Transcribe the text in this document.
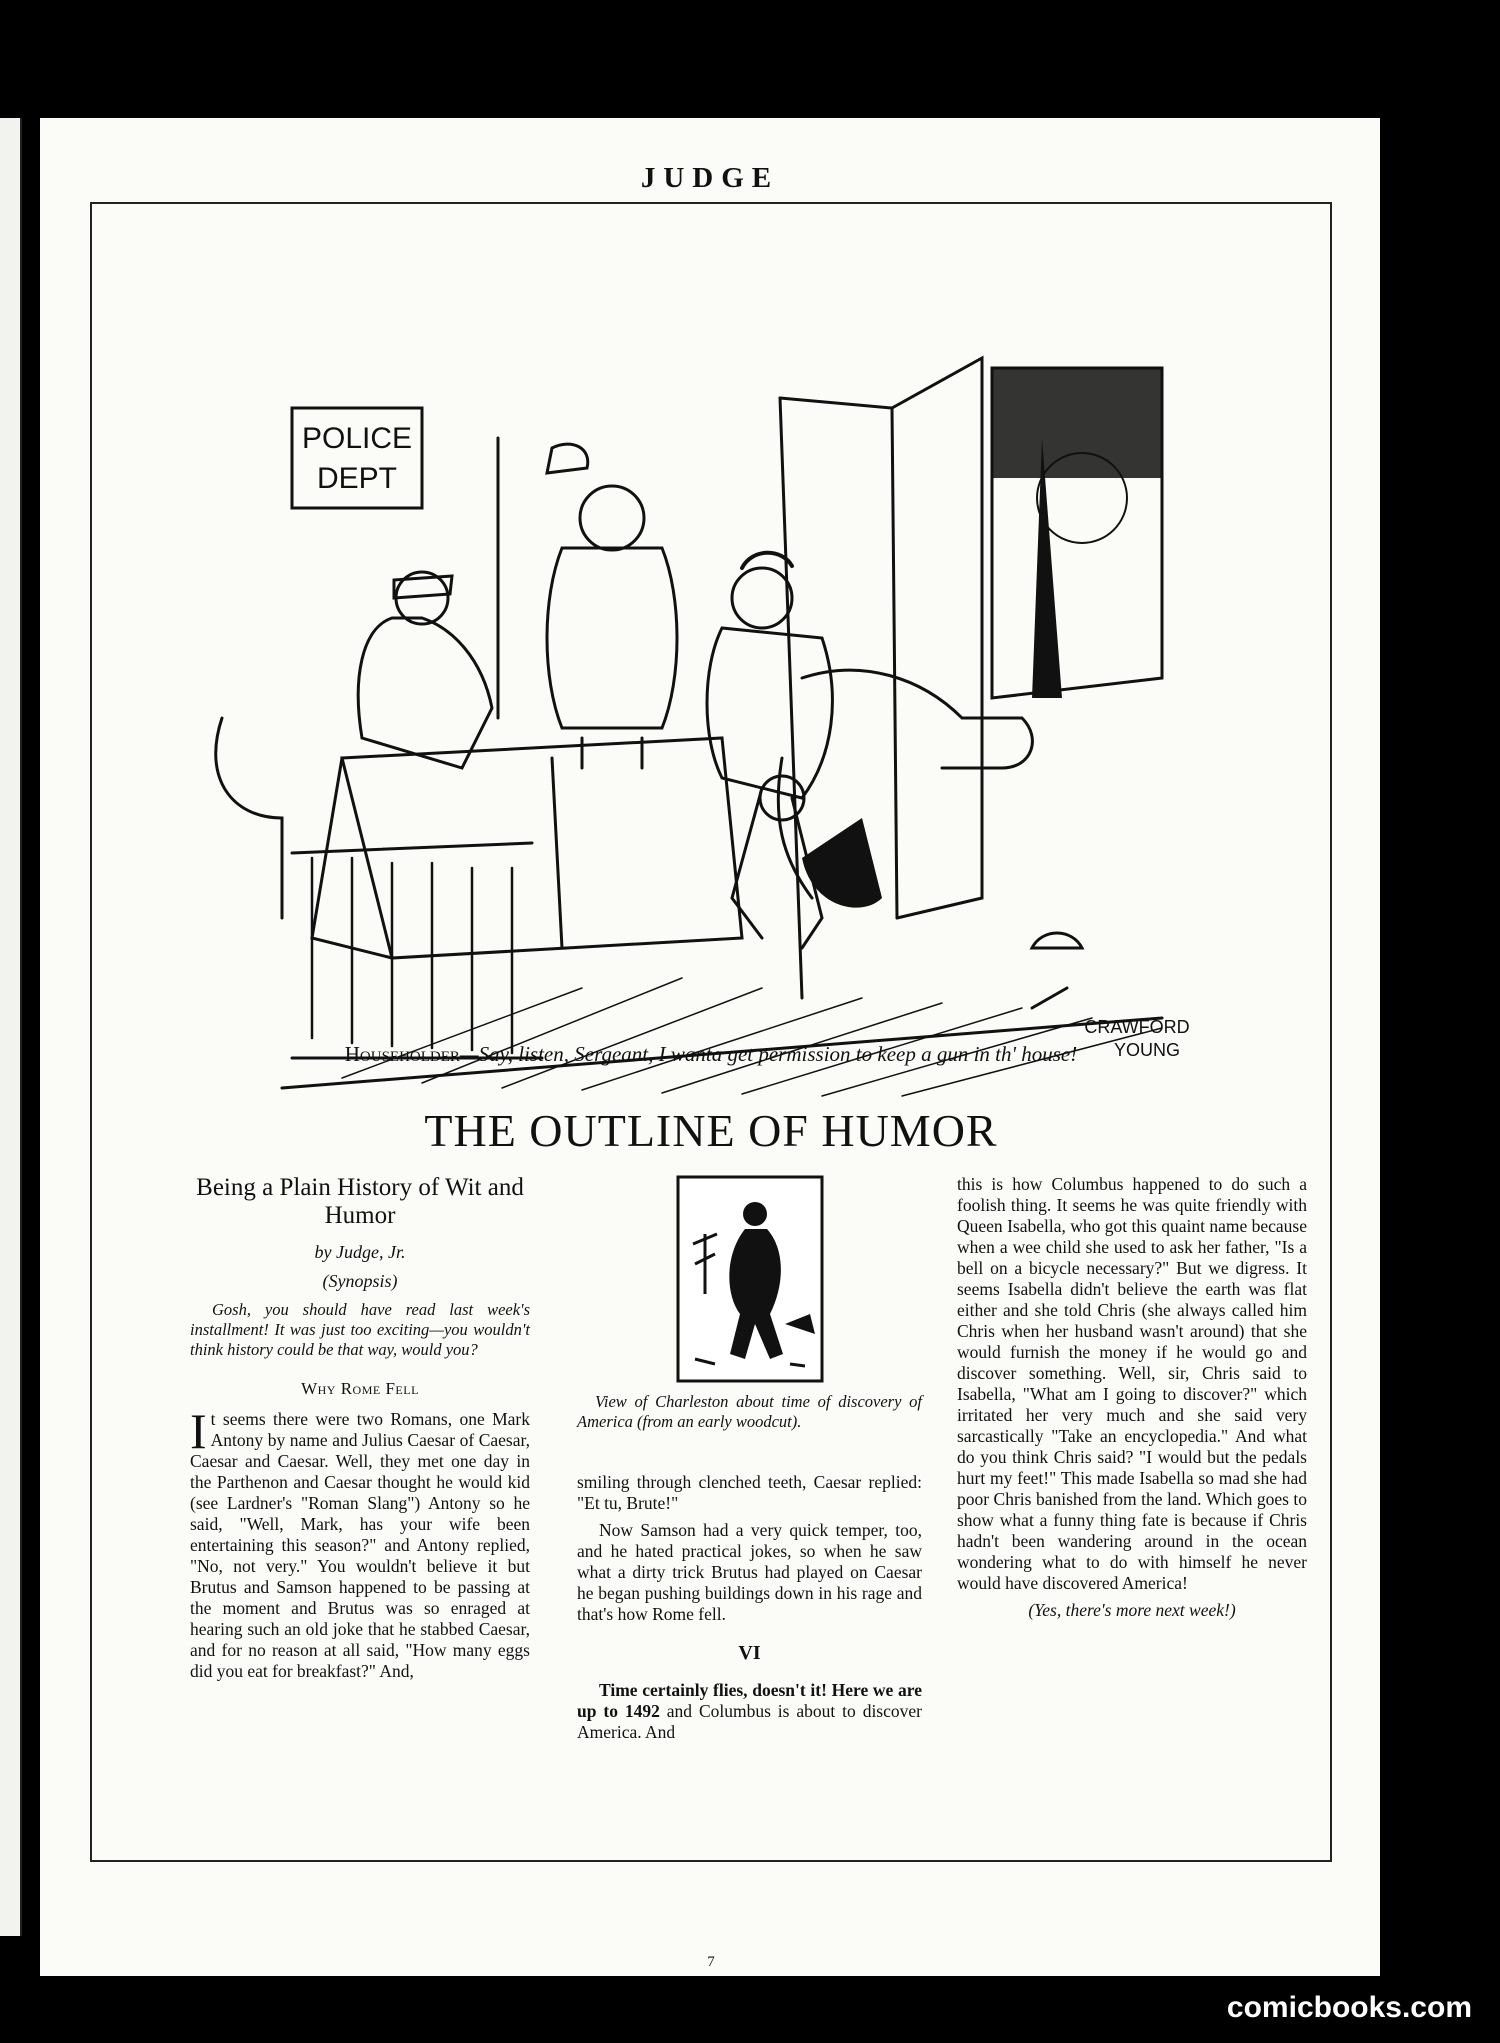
JUDGE
POLICE
DEPT
CRAWFORD
YOUNG
Householder—Say, listen, Sergeant, I wanta get permission to keep a gun in th' house!
THE OUTLINE OF HUMOR
Being a Plain History of Wit and Humor
by Judge, Jr.
(Synopsis)
Gosh, you should have read last week's installment! It was just too exciting—you wouldn't think history could be that way, would you?
Why Rome Fell

It seems there were two Romans, one Mark Antony by name and Julius Caesar of Caesar, Caesar and Caesar. Well, they met one day in the Parthenon and Caesar thought he would kid (see Lardner's "Roman Slang") Antony so he said, "Well, Mark, has your wife been entertaining this season?" and Antony replied, "No, not very." You wouldn't believe it but Brutus and Samson happened to be passing at the moment and Brutus was so enraged at hearing such an old joke that he stabbed Caesar, and for no reason at all said, "How many eggs did you eat for breakfast?" And,

View of Charleston about time of discovery of America (from an early woodcut).

smiling through clenched teeth, Caesar replied: "Et tu, Brute!"

Now Samson had a very quick temper, too, and he hated practical jokes, so when he saw what a dirty trick Brutus had played on Caesar he began pushing buildings down in his rage and that's how Rome fell.

VI

Time certainly flies, doesn't it! Here we are up to 1492 and Columbus is about to discover America. And

this is how Columbus happened to do such a foolish thing. It seems he was quite friendly with Queen Isabella, who got this quaint name because when a wee child she used to ask her father, "Is a bell on a bicycle necessary?" But we digress. It seems Isabella didn't believe the earth was flat either and she told Chris (she always called him Chris when her husband wasn't around) that she would furnish the money if he would go and discover something. Well, sir, Chris said to Isabella, "What am I going to discover?" which irritated her very much and she said very sarcastically "Take an encyclopedia." And what do you think Chris said? "I would but the pedals hurt my feet!" This made Isabella so mad she had poor Chris banished from the land. Which goes to show what a funny thing fate is because if Chris hadn't been wandering around in the ocean wondering what to do with himself he never would have discovered America!

(Yes, there's more next week!)
7
comicbooks.com
